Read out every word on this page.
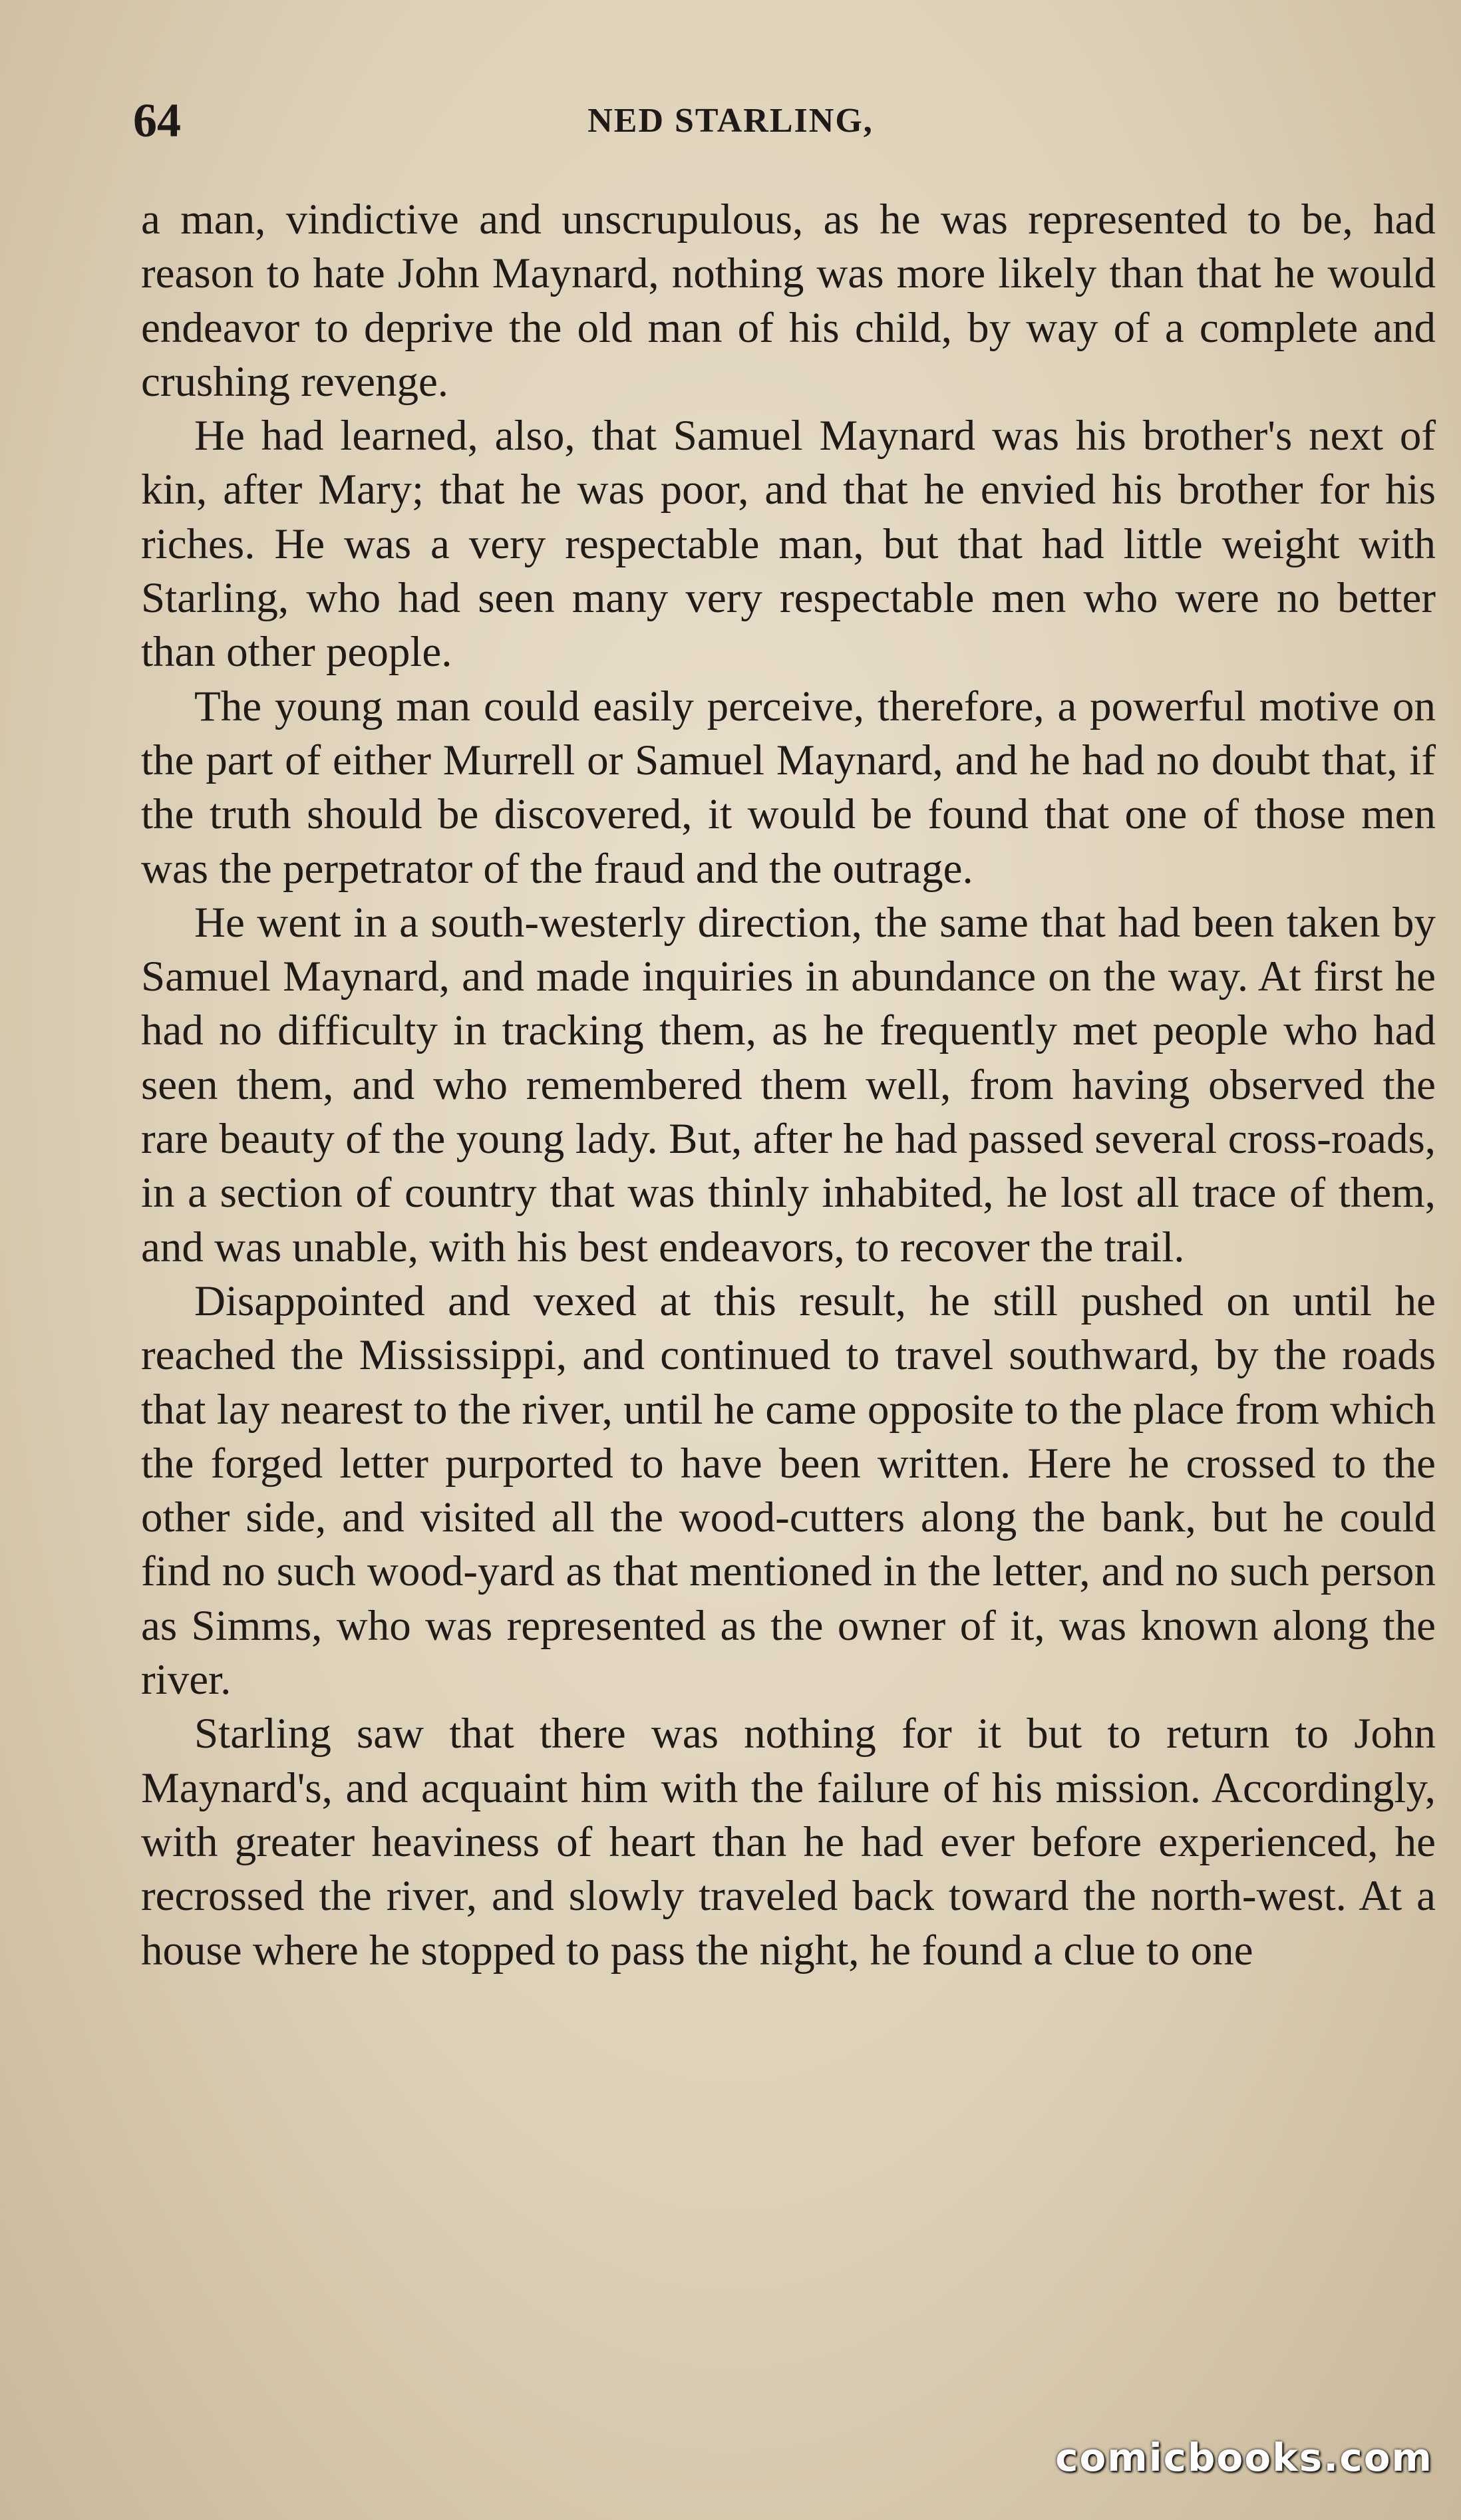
64	NED STARLING,

a man, vindictive and unscrupulous, as he was represented to be, had reason to hate John Maynard, nothing was more likely than that he would endeavor to deprive the old man of his child, by way of a complete and crushing revenge.

He had learned, also, that Samuel Maynard was his brother's next of kin, after Mary; that he was poor, and that he envied his brother for his riches. He was a very respectable man, but that had little weight with Starling, who had seen many very respectable men who were no better than other people.

The young man could easily perceive, therefore, a powerful motive on the part of either Murrell or Samuel Maynard, and he had no doubt that, if the truth should be discovered, it would be found that one of those men was the perpetrator of the fraud and the outrage.

He went in a south-westerly direction, the same that had been taken by Samuel Maynard, and made inquiries in abundance on the way. At first he had no difficulty in tracking them, as he frequently met people who had seen them, and who remembered them well, from having observed the rare beauty of the young lady. But, after he had passed several cross-roads, in a section of country that was thinly inhabited, he lost all trace of them, and was unable, with his best endeavors, to recover the trail.

Disappointed and vexed at this result, he still pushed on until he reached the Mississippi, and continued to travel southward, by the roads that lay nearest to the river, until he came opposite to the place from which the forged letter purported to have been written. Here he crossed to the other side, and visited all the wood-cutters along the bank, but he could find no such wood-yard as that mentioned in the letter, and no such person as Simms, who was represented as the owner of it, was known along the river.

Starling saw that there was nothing for it but to return to John Maynard's, and acquaint him with the failure of his mission. Accordingly, with greater heaviness of heart than he had ever before experienced, he recrossed the river, and slowly traveled back toward the north-west. At a house where he stopped to pass the night, he found a clue to one

comicbooks.com
